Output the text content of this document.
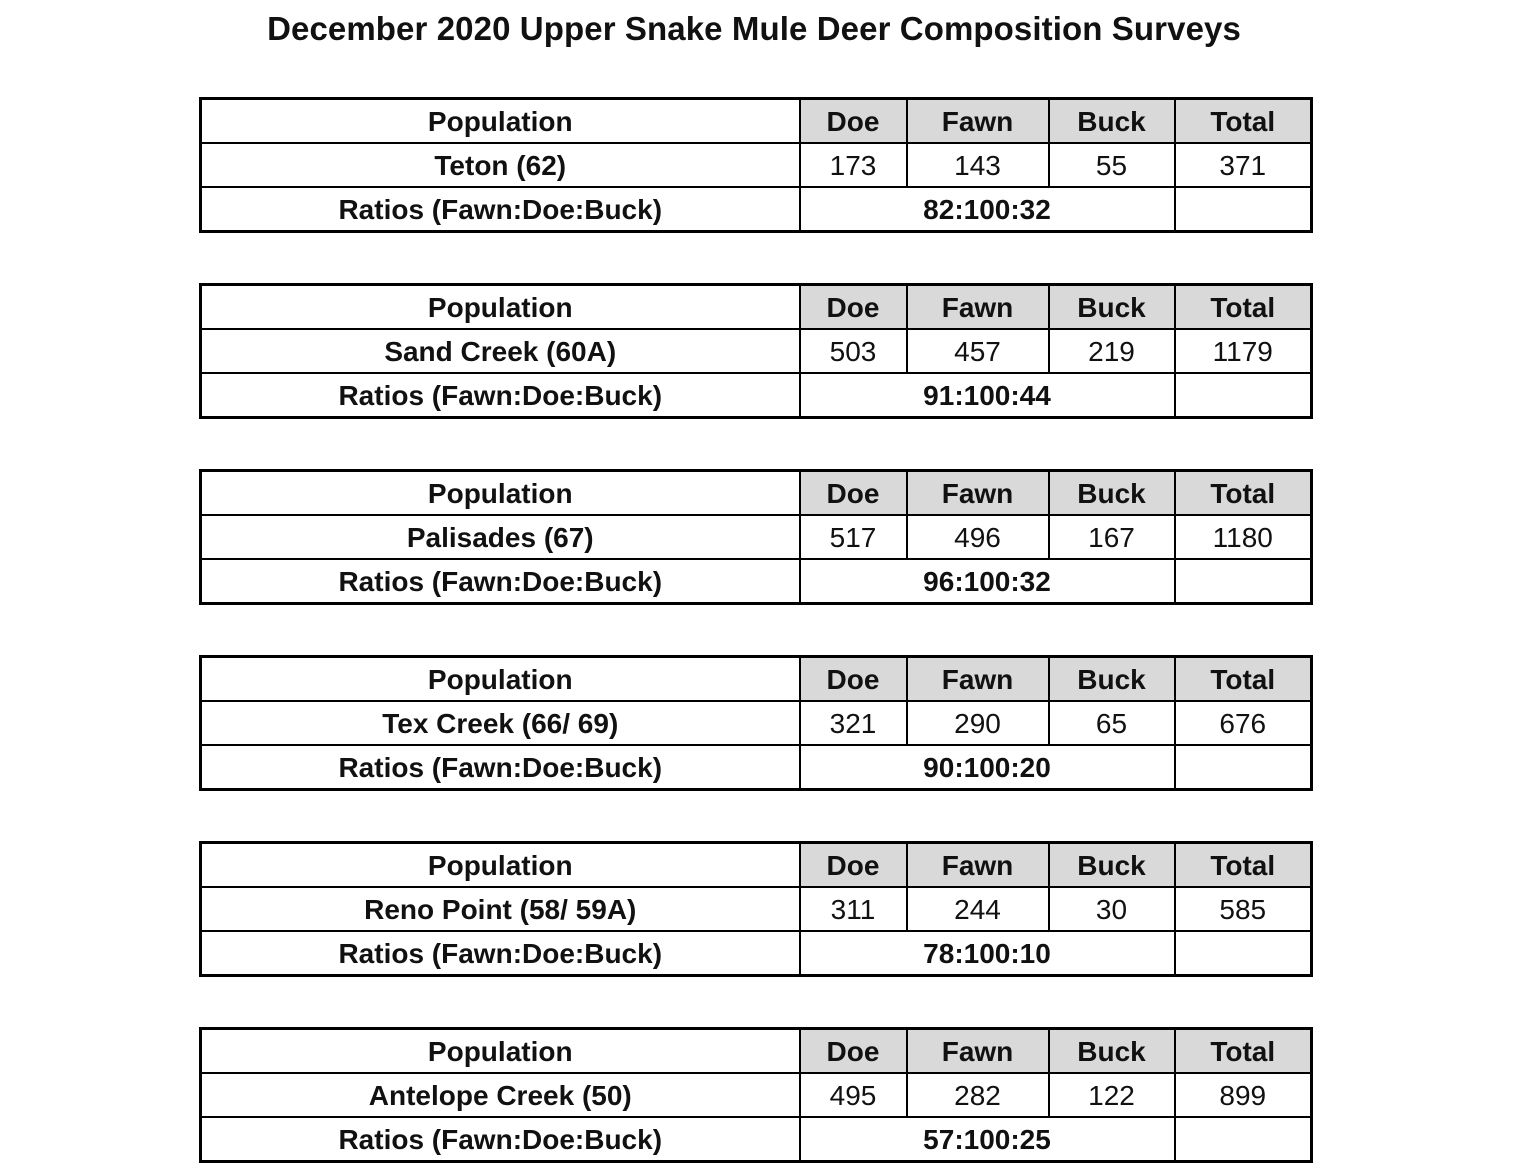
December 2020 Upper Snake Mule Deer Composition Surveys
Population	Doe	Fawn	Buck	Total
Teton (62)	173	143	55	371
Ratios (Fawn:Doe:Buck)	82:100:32			
Population	Doe	Fawn	Buck	Total
Sand Creek (60A)	503	457	219	1179
Ratios (Fawn:Doe:Buck)	91:100:44			
Population	Doe	Fawn	Buck	Total
Palisades (67)	517	496	167	1180
Ratios (Fawn:Doe:Buck)	96:100:32			
Population	Doe	Fawn	Buck	Total
Tex Creek (66/ 69)	321	290	65	676
Ratios (Fawn:Doe:Buck)	90:100:20			
Population	Doe	Fawn	Buck	Total
Reno Point (58/ 59A)	311	244	30	585
Ratios (Fawn:Doe:Buck)	78:100:10			
Population	Doe	Fawn	Buck	Total
Antelope Creek (50)	495	282	122	899
Ratios (Fawn:Doe:Buck)	57:100:25			
